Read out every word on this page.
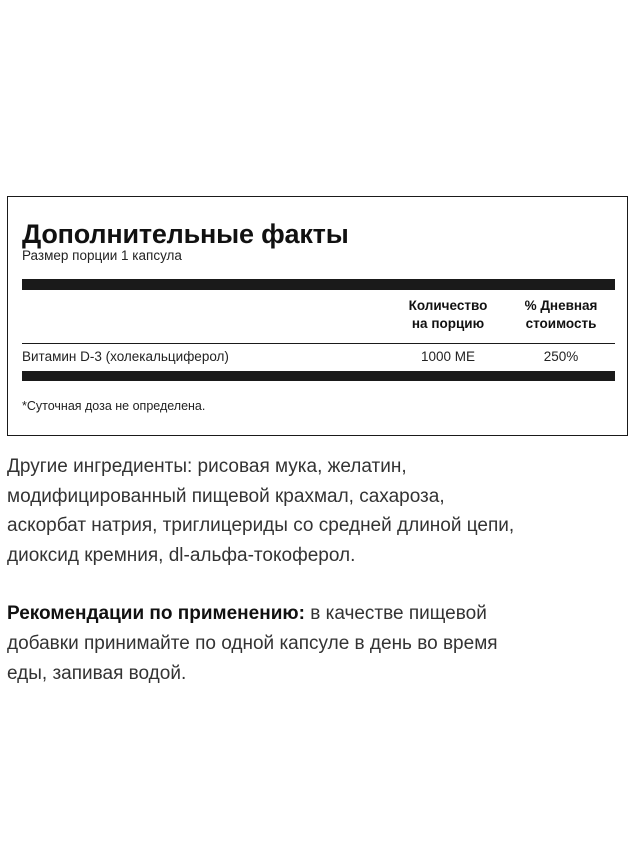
Дополнительные факты
Размер порции 1 капсула
Количество
на порцию
% Дневная
стоимость
Витамин D-3 (холекальциферол)	1000 МЕ	250%
*Суточная доза не определена.
Другие ингредиенты: рисовая мука, желатин,
модифицированный пищевой крахмал, сахароза,
аскорбат натрия, триглицериды со средней длиной цепи,
диоксид кремния, dl-альфа-токоферол.
Рекомендации по применению: в качестве пищевой
добавки принимайте по одной капсуле в день во время
еды, запивая водой.
